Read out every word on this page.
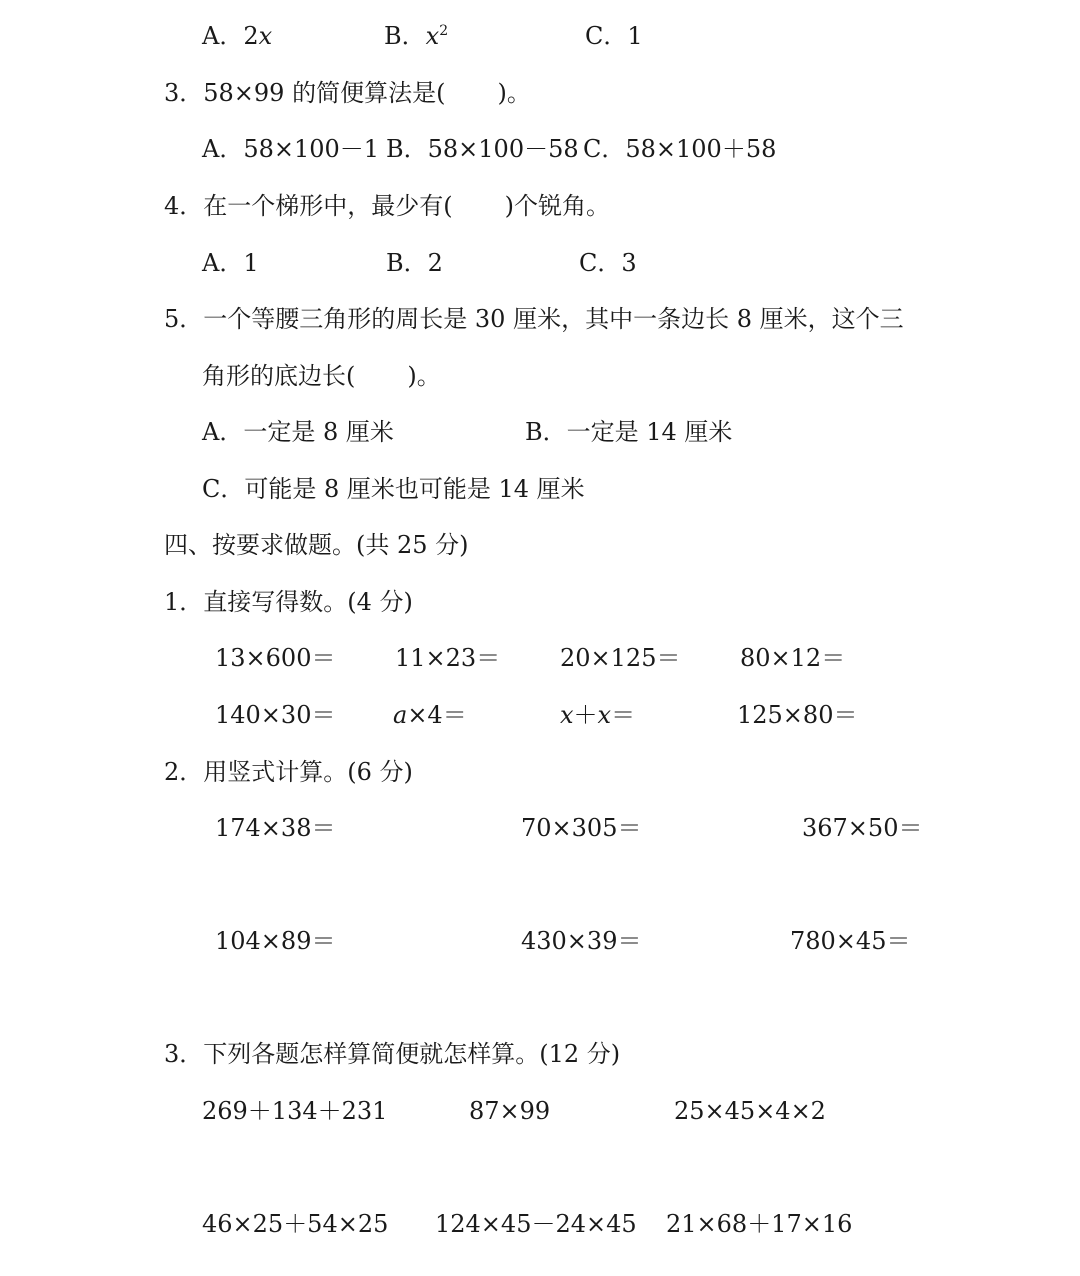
A．2x	B．$x^2$	C．1
3．58×99 的简便算法是( )。
A．58×100－1 B．58×100－58 C．58×100＋58
4．在一个梯形中，最少有( )个锐角。
A．1	B．2	C．3
5．一个等腰三角形的周长是 30 厘米，其中一条边长 8 厘米，这个三
角形的底边长( )。
A．一定是 8 厘米	B．一定是 14 厘米
C．可能是 8 厘米也可能是 14 厘米
四、按要求做题。(共 25 分)
1．直接写得数。(4 分)
13×600＝ 11×23＝ 20×125＝ 80×12＝
140×30＝ a×4＝	x＋x＝	125×80＝
2．用竖式计算。(6 分)
174×38＝	70×305＝	367×50＝
104×89＝	430×39＝	780×45＝
3．下列各题怎样算简便就怎样算。(12 分)
269＋134＋231	87×99	25×45×4×2
46×25＋54×25 124×45－24×45 21×68＋17×16
